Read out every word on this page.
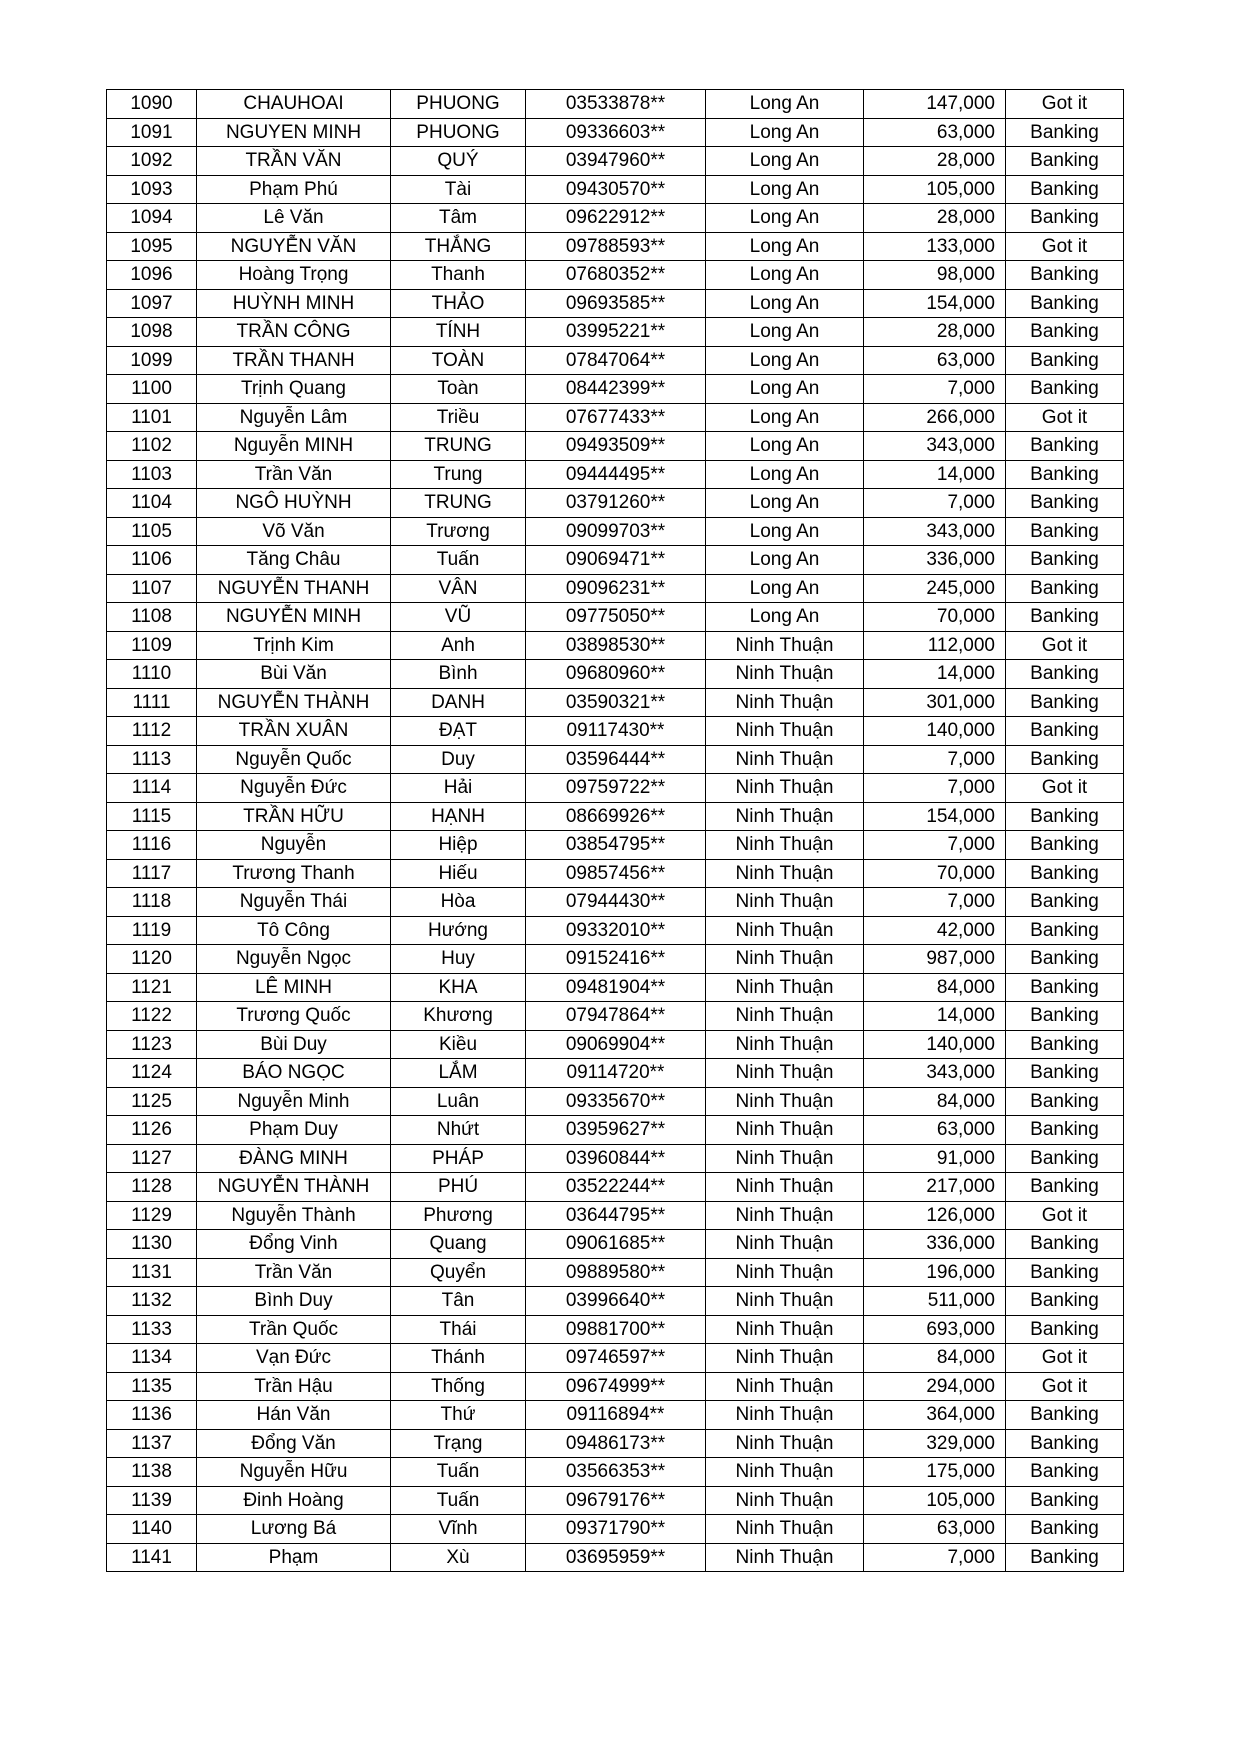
1090	CHAUHOAI	PHUONG	03533878**	Long An	147,000	Got it
1091	NGUYEN MINH	PHUONG	09336603**	Long An	63,000	Banking
1092	TRẦN VĂN	QUÝ	03947960**	Long An	28,000	Banking
1093	Phạm Phú	Tài	09430570**	Long An	105,000	Banking
1094	Lê Văn	Tâm	09622912**	Long An	28,000	Banking
1095	NGUYỄN VĂN	THẮNG	09788593**	Long An	133,000	Got it
1096	Hoàng Trọng	Thanh	07680352**	Long An	98,000	Banking
1097	HUỲNH MINH	THẢO	09693585**	Long An	154,000	Banking
1098	TRẦN CÔNG	TÍNH	03995221**	Long An	28,000	Banking
1099	TRẦN THANH	TOÀN	07847064**	Long An	63,000	Banking
1100	Trịnh Quang	Toàn	08442399**	Long An	7,000	Banking
1101	Nguyễn Lâm	Triều	07677433**	Long An	266,000	Got it
1102	Nguyễn MINH	TRUNG	09493509**	Long An	343,000	Banking
1103	Trần Văn	Trung	09444495**	Long An	14,000	Banking
1104	NGÔ HUỲNH	TRUNG	03791260**	Long An	7,000	Banking
1105	Võ Văn	Trương	09099703**	Long An	343,000	Banking
1106	Tăng Châu	Tuấn	09069471**	Long An	336,000	Banking
1107	NGUYỄN THANH	VÂN	09096231**	Long An	245,000	Banking
1108	NGUYỄN MINH	VŨ	09775050**	Long An	70,000	Banking
1109	Trịnh Kim	Anh	03898530**	Ninh Thuận	112,000	Got it
1110	Bùi Văn	Bình	09680960**	Ninh Thuận	14,000	Banking
1111	NGUYỄN THÀNH	DANH	03590321**	Ninh Thuận	301,000	Banking
1112	TRẦN XUÂN	ĐẠT	09117430**	Ninh Thuận	140,000	Banking
1113	Nguyễn Quốc	Duy	03596444**	Ninh Thuận	7,000	Banking
1114	Nguyễn Đức	Hải	09759722**	Ninh Thuận	7,000	Got it
1115	TRẦN HỮU	HẠNH	08669926**	Ninh Thuận	154,000	Banking
1116	Nguyễn	Hiệp	03854795**	Ninh Thuận	7,000	Banking
1117	Trương Thanh	Hiếu	09857456**	Ninh Thuận	70,000	Banking
1118	Nguyễn Thái	Hòa	07944430**	Ninh Thuận	7,000	Banking
1119	Tô Công	Hướng	09332010**	Ninh Thuận	42,000	Banking
1120	Nguyễn Ngọc	Huy	09152416**	Ninh Thuận	987,000	Banking
1121	LÊ MINH	KHA	09481904**	Ninh Thuận	84,000	Banking
1122	Trương Quốc	Khương	07947864**	Ninh Thuận	14,000	Banking
1123	Bùi Duy	Kiều	09069904**	Ninh Thuận	140,000	Banking
1124	BÁO NGỌC	LẮM	09114720**	Ninh Thuận	343,000	Banking
1125	Nguyễn Minh	Luân	09335670**	Ninh Thuận	84,000	Banking
1126	Phạm Duy	Nhứt	03959627**	Ninh Thuận	63,000	Banking
1127	ĐÀNG MINH	PHÁP	03960844**	Ninh Thuận	91,000	Banking
1128	NGUYỄN THÀNH	PHÚ	03522244**	Ninh Thuận	217,000	Banking
1129	Nguyễn Thành	Phương	03644795**	Ninh Thuận	126,000	Got it
1130	Đổng Vinh	Quang	09061685**	Ninh Thuận	336,000	Banking
1131	Trần Văn	Quyển	09889580**	Ninh Thuận	196,000	Banking
1132	Bình Duy	Tân	03996640**	Ninh Thuận	511,000	Banking
1133	Trần Quốc	Thái	09881700**	Ninh Thuận	693,000	Banking
1134	Vạn Đức	Thánh	09746597**	Ninh Thuận	84,000	Got it
1135	Trần Hậu	Thống	09674999**	Ninh Thuận	294,000	Got it
1136	Hán Văn	Thứ	09116894**	Ninh Thuận	364,000	Banking
1137	Đổng Văn	Trạng	09486173**	Ninh Thuận	329,000	Banking
1138	Nguyễn Hữu	Tuấn	03566353**	Ninh Thuận	175,000	Banking
1139	Đinh Hoàng	Tuấn	09679176**	Ninh Thuận	105,000	Banking
1140	Lương Bá	Vĩnh	09371790**	Ninh Thuận	63,000	Banking
1141	Phạm	Xù	03695959**	Ninh Thuận	7,000	Banking
